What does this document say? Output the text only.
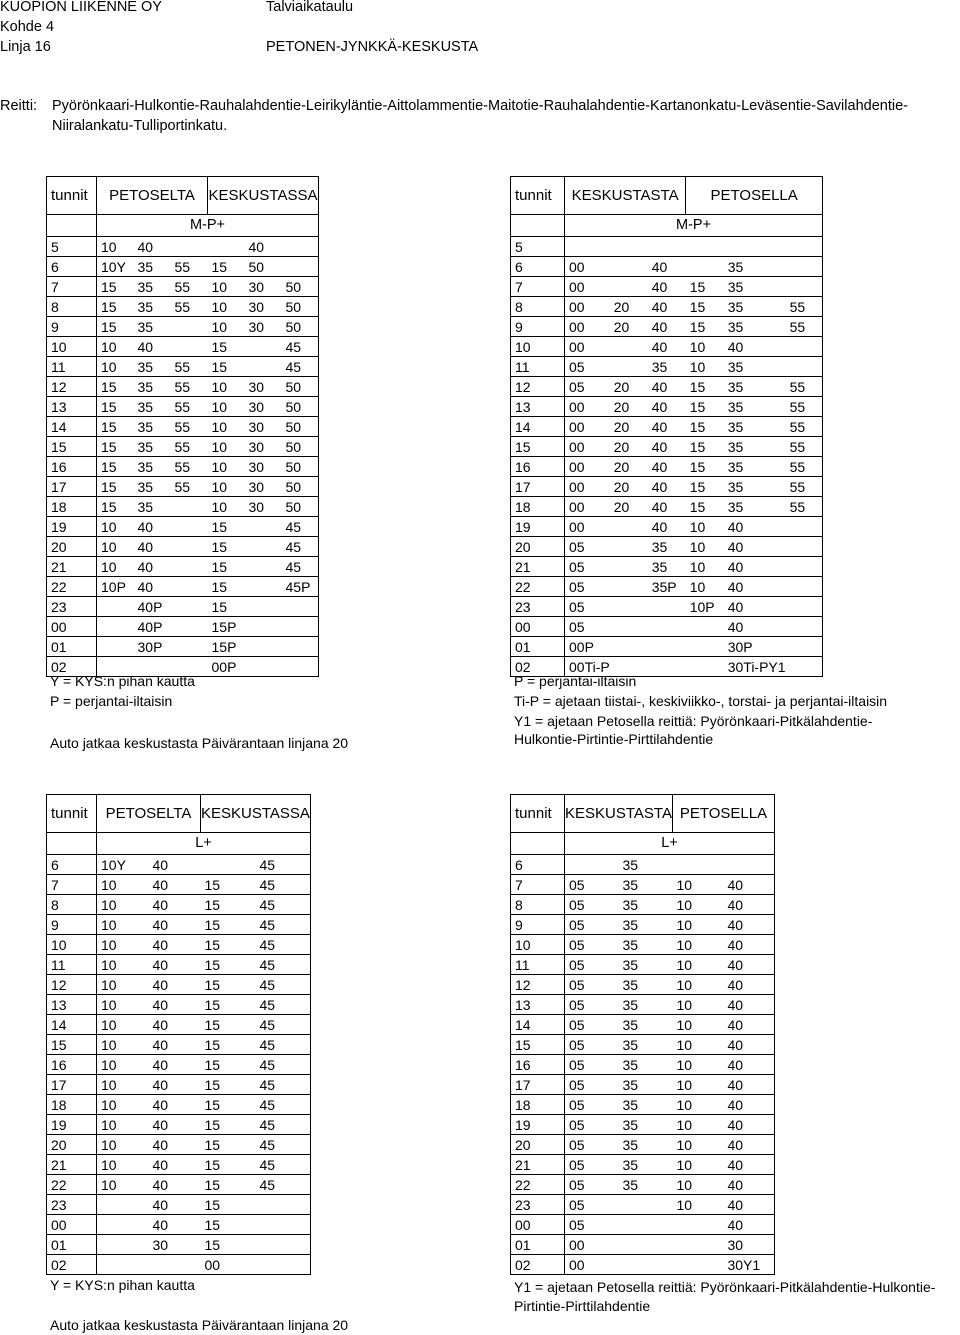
KUOPION LIIKENNE OY
Kohde 4
Linja 16
Talviaikataulu
PETONEN-JYNKKÄ-KESKUSTA
Reitti: Pyörönkaari-Hulkontie-Rauhalahdentie-Leirikyläntie-Aittolammentie-Maitotie-Rauhalahdentie-Kartanonkatu-Leväsentie-Savilahdentie-
Niiralankatu-Tulliportinkatu.
tunnit	PETOSELTA			KESKUSTASSA		
	M-P+					
5	10	40			40	
6	10Y	35	55	15	50	
7	15	35	55	10	30	50
8	15	35	55	10	30	50
9	15	35		10	30	50
10	10	40		15		45
11	10	35	55	15		45
12	15	35	55	10	30	50
13	15	35	55	10	30	50
14	15	35	55	10	30	50
15	15	35	55	10	30	50
16	15	35	55	10	30	50
17	15	35	55	10	30	50
18	15	35		10	30	50
19	10	40		15		45
20	10	40		15		45
21	10	40		15		45
22	10P	40		15		45P
23		40P		15		
00		40P		15P		
01		30P		15P		
02				00P		
tunnit	KESKUSTASTA			PETOSELLA		
	M-P+					
5						
6	00		40		35	
7	00		40	15	35	
8	00	20	40	15	35	55
9	00	20	40	15	35	55
10	00		40	10	40	
11	05		35	10	35	
12	05	20	40	15	35	55
13	00	20	40	15	35	55
14	00	20	40	15	35	55
15	00	20	40	15	35	55
16	00	20	40	15	35	55
17	00	20	40	15	35	55
18	00	20	40	15	35	55
19	00		40	10	40	
20	05		35	10	40	
21	05		35	10	40	
22	05		35P	10	40	
23	05			10P	40	
00	05				40	
01	00P				30P	
02	00Ti-P				30Ti-PY1	
tunnit	PETOSELTA		KESKUSTASSA	
	L+			
6	10Y	40		45
7	10	40	15	45
8	10	40	15	45
9	10	40	15	45
10	10	40	15	45
11	10	40	15	45
12	10	40	15	45
13	10	40	15	45
14	10	40	15	45
15	10	40	15	45
16	10	40	15	45
17	10	40	15	45
18	10	40	15	45
19	10	40	15	45
20	10	40	15	45
21	10	40	15	45
22	10	40	15	45
23		40	15	
00		40	15	
01		30	15	
02			00	
tunnit	KESKUSTASTA		PETOSELLA	
	L+			
6		35		
7	05	35	10	40
8	05	35	10	40
9	05	35	10	40
10	05	35	10	40
11	05	35	10	40
12	05	35	10	40
13	05	35	10	40
14	05	35	10	40
15	05	35	10	40
16	05	35	10	40
17	05	35	10	40
18	05	35	10	40
19	05	35	10	40
20	05	35	10	40
21	05	35	10	40
22	05	35	10	40
23	05		10	40
00	05			40
01	00			30
02	00			30Y1
Y = KYS:n pihan kautta
P = perjantai-iltaisin
Auto jatkaa keskustasta Päivärantaan linjana 20
P = perjantai-iltaisin
Ti-P = ajetaan tiistai-, keskiviikko-, torstai- ja perjantai-iltaisin
Y1 = ajetaan Petosella reittiä: Pyörönkaari-Pitkälahdentie-
Hulkontie-Pirtintie-Pirttilahdentie
Y = KYS:n pihan kautta
Auto jatkaa keskustasta Päivärantaan linjana 20
Y1 = ajetaan Petosella reittiä: Pyörönkaari-Pitkälahdentie-Hulkontie-
Pirtintie-Pirttilahdentie
